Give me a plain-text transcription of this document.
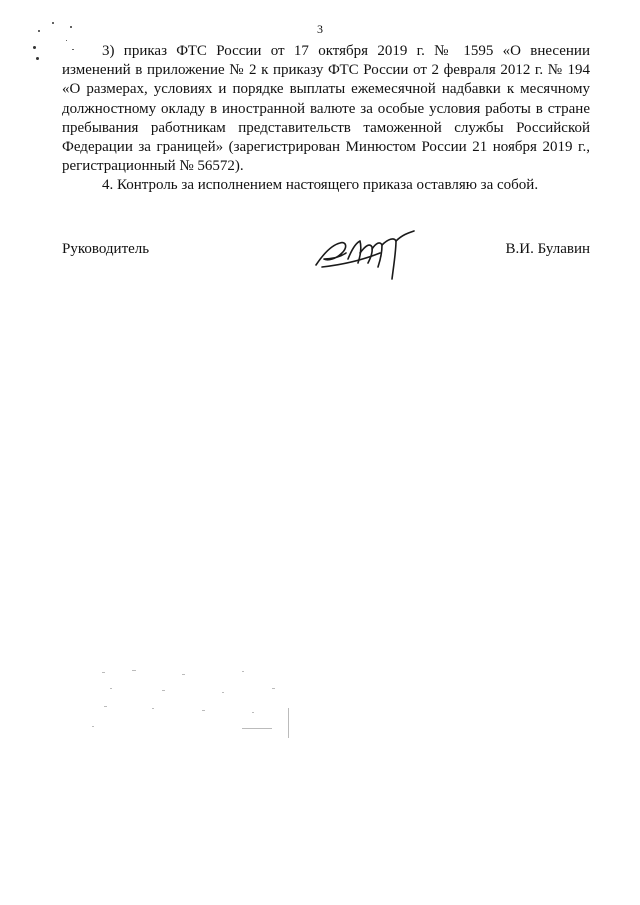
3

3) приказ ФТС России от 17 октября 2019 г. № 1595 «О внесении изменений в приложение № 2 к приказу ФТС России от 2 февраля 2012 г. № 194 «О размерах, условиях и порядке выплаты ежемесячной надбавки к месячному должностному окладу в иностранной валюте за особые условия работы в стране пребывания работникам представительств таможенной службы Российской Федерации за границей» (зарегистрирован Минюстом России 21 ноября 2019 г., регистрационный № 56572).

4. Контроль за исполнением настоящего приказа оставляю за собой.

Руководитель	В.И. Булавин
